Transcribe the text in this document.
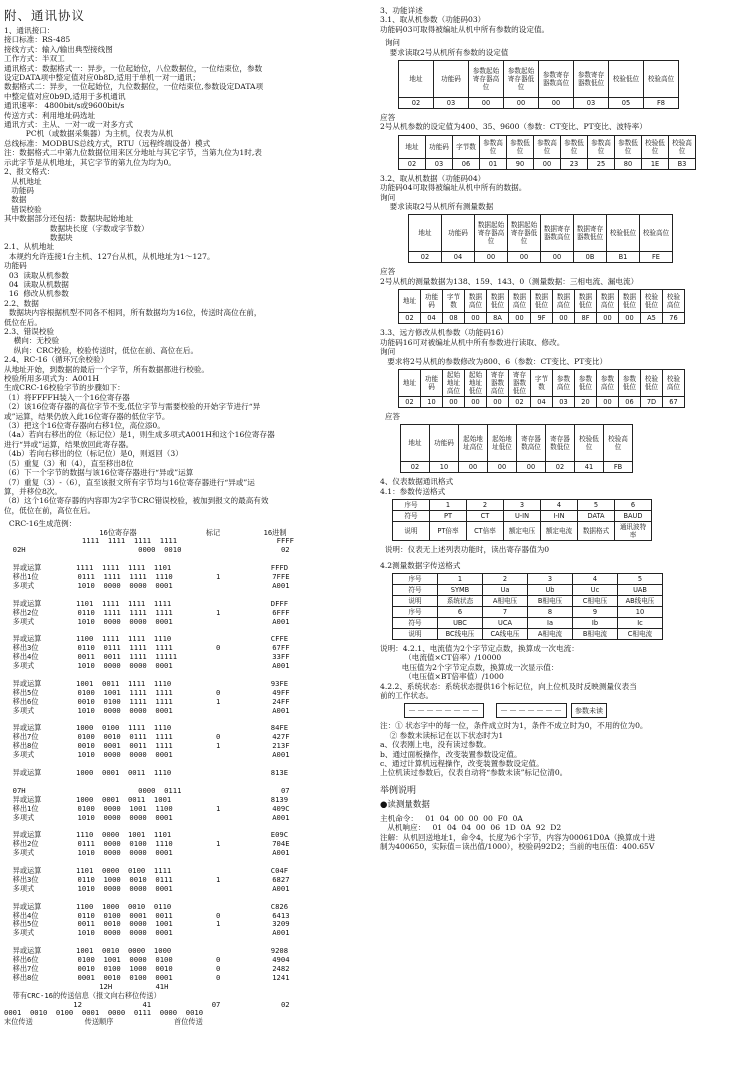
附、通讯协议
1、通讯接口：
接口标准：RS-485
接线方式：输入/输出典型接线图
工作方式：半双工
通讯格式：数据格式一：异步，一位起始位，八位数据位，一位结束位，参数
设定DATA项中整定值对应0b8D,适用于单机一对一通讯；
数据格式二：异步，一位起始位，九位数据位，一位结束位,参数设定DATA项
中整定值对应0b9D,适用于多机通讯
通讯速率： 4800bit/s或9600bit/s
传送方式：利用地址码选址
通讯方式：主从、一对一或一对多方式
PC机（或数据采集器）为主机，仪表为从机
总线标准：MODBUS总线方式，RTU（远程终端设备）模式
注：数据格式二中第九位数据位用来区分地址与其它字节，当第九位为1时,表
示此字节是从机地址，其它字节的第九位为均为0。
2、报文格式：
从机地址
功能码
数据
错误校验
其中数据部分还包括：数据块起始地址
数据块长度（字数或字节数）
数据块
2.1、从机地址
本规约允许连接1台主机、127台从机，从机地址为1～127。
功能码
03  读取从机参数
04  读取从机数据
16  修改从机参数
2.2、数据
数据块内容根据机型不同各不相同，所有数据均为16位，传送时高位在前，
低位在后。
2.3、错误校验
横向：无校验
纵向：CRC校验，校验传送时，低位在前、高位在后。
2.4、RC-16（循环冗余校验）
从地址开始，到数据的最后一个字节，所有数据都进行校验。
校验所用多项式为：A001H
生成CRC-16校验字节的步骤如下：
（1）将FFFFH装入一个16位寄存器
（2）该16位寄存器的高位字节不变,低位字节与需要校验的开始字节进行“异
或”运算，结果仍放入此16位寄存器的低位字节。
（3）把这个16位寄存器向右移1位，高位添0。
（4a）若向右移出的位（标记位）是1，则生成多项式A001H和这个16位寄存器
进行“异或”运算，结果放回此寄存器。
（4b）若向右移出的位（标记位）是0，则返回（3）
（5）重复（3）和（4），直至移出8位
（6）下一个字节的数据与该16位寄存器进行“异或”运算
（7）重复（3）-（6），直至该报文所有字节均与16位寄存器进行“异或”运
算，并移位8次。
（8）这个16位寄存器的内容即为2字节CRC错误校验，被加到报文的最高有效
位，低位在前，高位在后。
CRC-16生成范例：
16位寄存器                标记          16进制
1111  1111  1111  1111                       FFFF
02H                          0000  0010                       02

异或运算        1111  1111  1111  1101                       FFFD
移出1位         0111  1111  1111  1110          1            7FFE
多项式          1010  0000  0000  0001                       A001

异或运算        1101  1111  1111  1111                       DFFF
移出2位         0110  1111  1111  1111          1            6FFF
多项式          1010  0000  0000  0001                       A001

异或运算        1100  1111  1111  1110                       CFFE
移出3位         0110  0111  1111  1111          0            67FF
移出4位         0011  0011  1111  11111                      33FF
多项式          1010  0000  0000  0001                       A001

异或运算        1001  0011  1111  1110                       93FE
移出5位         0100  1001  1111  1111          0            49FF
移出6位         0010  0100  1111  1111          1            24FF
多项式          1010  0000  0000  0001                       A001

异或运算        1000  0100  1111  1110                       84FE
移出7位         0100  0010  0111  1111          0            427F
移出8位         0010  0001  0011  1111          1            213F
多项式          1010  0000  0000  0001                       A001

异或运算        1000  0001  0011  1110                       813E

07H                          0000  0111                       07
异或运算        1000  0001  0011  1001                       8139
移出1位         0100  0000  1001  1100          1            409C
多项式          1010  0000  0000  0001                       A001

异或运算        1110  0000  1001  1101                       E09C
移出2位         0111  0000  0100  1110          1            704E
多项式          1010  0000  0000  0001                       A001

异或运算        1101  0000  0100  1111                       C04F
移出3位         0110  1000  0010  0111          1            6827
多项式          1010  0000  0000  0001                       A001

异或运算        1100  1000  0010  0110                       C826
移出4位         0110  0100  0001  0011          0            6413
移出5位         0011  0010  0000  1001          1            3209
多项式          1010  0000  0000  0001                       A001

异或运算        1001  0010  0000  1000                       9208
移出6位         0100  1001  0000  0100          0            4904
移出7位         0010  0100  1000  0010          0            2482
移出8位         0001  0010  0100  0001          0            1241
12H          41H
带有CRC-16的传送信息（报文向右移位传送）
12              41              07              02
0001  0010  0100  0001  0000  0111  0000  0010
末位传送            传送顺序              首位传送
3、功能详述
3.1、取从机参数（功能码03）
功能码03可取得被编址从机中所有参数的设定值。
询问
要求读取2号从机所有参数的设定值
地址	功能码	参数起始寄存器高位	参数起始寄存器低位	参数寄存器数高位	参数寄存器数低位	校验低位	校验高位
02	03	00	00	00	03	05	F8
应答
2号从机参数的设定值为400、35、9600（参数：CT变比、PT变比、波特率）
地址	功能码	字节数	参数高位	参数低位	参数高位	参数低位	参数高位	参数低位	校验低位	校验高位
02	03	06	01	90	00	23	25	80	1E	B3
3.2、取从机数据（功能码04）
功能码04可取得被编址从机中所有的数据。
询问
要求读取2号从机所有测量数据
地址	功能码	数据起始寄存器高位	数据起始寄存器低位	数据寄存器数高位	数据寄存器数低位	校验低位	校验高位
02	04	00	00	00	0B	B1	FE
应答
2号从机的测量数据为138、159、143、0（测量数据：三相电流、漏电流）
地址	功能码	字节数	数据高位	数据低位	数据高位	数据低位	数据高位	数据低位	数据高位	数据低位	校验低位	校验高位
02	04	08	00	8A	00	9F	00	8F	00	00	A5	76
3.3、远方修改从机参数（功能码16）
功能码16可对被编址从机中所有参数进行读取、修改。
询问
要求将2号从机的参数修改为800、6（参数：CT变比、PT变比）
地址	功能码	起始地址高位	起始地址低位	寄存器数高位	寄存器数低位	字节数	参数高位	参数低位	参数高位	参数低位	校验低位	校验高位
02	10	00	00	00	02	04	03	20	00	06	7D	67
应答
地址	功能码	起始地址高位	起始地址低位	寄存器数高位	寄存器数低位	校验低位	校验高位
02	10	00	00	00	02	41	FB
4、仪表数据通讯格式
4.1：参数传送格式
序号	1	2	3	4	5	6
符号	PT	CT	U-IN	I-IN	DATA	BAUD
说明	PT倍率	CT倍率	额定电压	额定电流	数据格式	通讯波特率
说明：仪表无上述列表功能时，读出寄存器值为0
4.2测量数据字传送格式
序号	1	2	3	4	5
符号	SYMB	Ua	Ub	Uc	UAB
说明	系统状态	A相电压	B相电压	C相电压	AB线电压
序号	6	7	8	9	10
符号	UBC	UCA	Ia	Ib	Ic
说明	BC线电压	CA线电压	A相电流	B相电流	C相电流
说明：4.2.1、电流值为2个字节定点数，换算成一次电流：
（电流值×CT倍率）/10000
电压值为2个字节定点数，换算成一次显示值：
（电压值×BT倍率值）/1000
4.2.2、系统状态：系统状态提供16个标记位，向上位机及时反映测量仪表当
前的工作状态。
－－－－－－－－	－－－－－－－	参数未读
注：① 状态字中的每一位，条件成立时为1，条件不成立时为0，不用的位为0。
② 参数未读标记在以下状态时为1
a、仪表刚上电，没有读过参数。
b、通过面板操作，改变装置参数设定值。
c、通过计算机远程操作，改变装置参数设定值。
上位机读过参数后，仪表自动将“参数未读”标记位清0。
举例说明
●读测量数据
主机命令：   01  04  00  00  00  F0  0A
从机响应：   01  04  04  00  06  1D  0A  92  D2
注解：从机回送地址1，命令4，长度为6个字节，内容为00061D0A（换算成十进
制为400650，实际值＝读出值/1000），校验码92D2；当前的电压值：400.65V
